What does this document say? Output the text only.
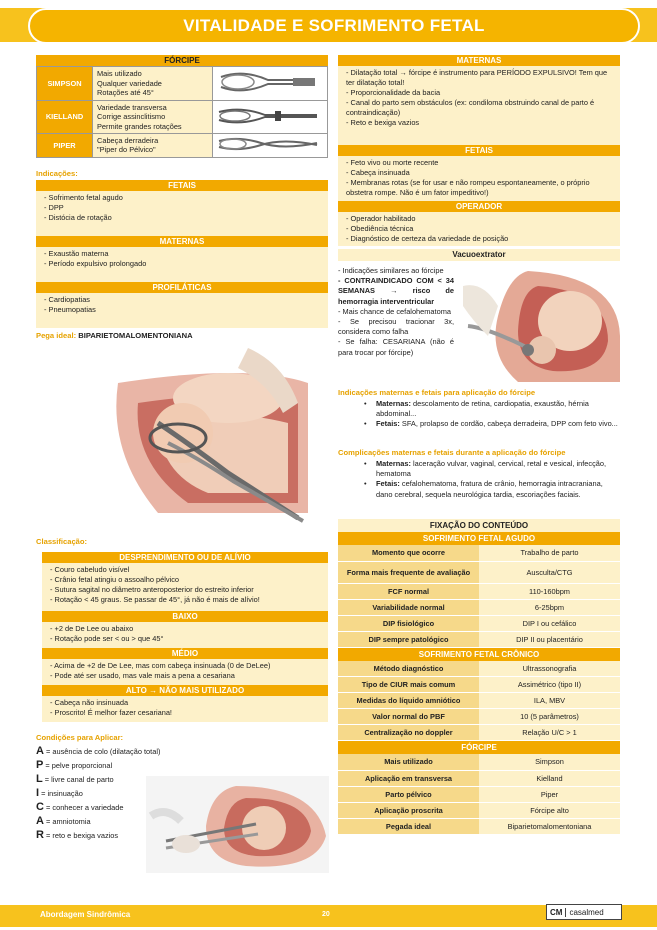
VITALIDADE E SOFRIMENTO FETAL
FÓRCIPE
SIMPSON	Mais utilizado
Qualquer variedade
Rotações até 45°

KIELLAND	Variedade transversa
Corrige assinclitismo
Permite grandes rotações

PIPER	Cabeça derradeira
"Piper do Pélvico"

Indicações:
FETAIS
- Sofrimento fetal agudo
- DPP
- Distócia de rotação
MATERNAS
- Exaustão materna
- Período expulsivo prolongado
PROFILÁTICAS
- Cardiopatias
- Pneumopatias
Pega ideal: BIPARIETOMALOMENTONIANA
Classificação:
DESPRENDIMENTO OU DE ALÍVIO
- Couro cabeludo visível
- Crânio fetal atingiu o assoalho pélvico
- Sutura sagital no diâmetro anteroposterior do estreito inferior
- Rotação < 45 graus. Se passar de 45°, já não é mais de alívio!
BAIXO
- +2 de De Lee ou abaixo
- Rotação pode ser < ou > que 45°
MÉDIO
- Acima de +2 de De Lee, mas com cabeça insinuada (0 de DeLee)
- Pode até ser usado, mas vale mais a pena a cesariana
ALTO → NÃO MAIS UTILIZADO
- Cabeça não insinuada
- Proscrito! É melhor fazer cesariana!
Condições para Aplicar:
A = ausência de colo (dilatação total)
P = pelve proporcional
L = livre canal de parto
I = insinuação
C = conhecer a variedade
A = amniotomia
R = reto e bexiga vazios
MATERNAS
- Dilatação total → fórcipe é instrumento para PERÍODO EXPULSIVO! Tem que ter dilatação total!
- Proporcionalidade da bacia
- Canal do parto sem obstáculos (ex: condiloma obstruindo canal de parto é contraindicação)
- Reto e bexiga vazios
FETAIS
- Feto vivo ou morte recente
- Cabeça insinuada
- Membranas rotas (se for usar e não rompeu espontaneamente, o próprio obstetra rompe. Não é um fator impeditivo!)
OPERADOR
- Operador habilitado
- Obediência técnica
- Diagnóstico de certeza da variedade de posição
Vacuoextrator
- Indicações similares ao fórcipe
- CONTRAINDICADO COM < 34 SEMANAS → risco de hemorragia interventricular
- Mais chance de cefalohematoma
- Se precisou tracionar 3x, considera como falha
- Se falha: CESARIANA (não é para trocar por fórcipe)
Indicações maternas e fetais para aplicação do fórcipe
•	Maternas: descolamento de retina, cardiopatia, exaustão, hérnia abdominal...
•	Fetais: SFA, prolapso de cordão, cabeça derradeira, DPP com feto vivo...
Complicações maternas e fetais durante a aplicação do fórcipe
•	Maternas: laceração vulvar, vaginal, cervical, retal e vesical, infecção, hematoma
•	Fetais: cefalohematoma, fratura de crânio, hemorragia intracraniana, dano cerebral, sequela neurológica tardia, escoriações faciais.
FIXAÇÃO DO CONTEÚDO
SOFRIMENTO FETAL AGUDO
Momento que ocorre	Trabalho de parto
Forma mais frequente de avaliação	Ausculta/CTG
FCF normal	110-160bpm
Variabilidade normal	6-25bpm
DIP fisiológico	DIP I ou cefálico
DIP sempre patológico	DIP II ou placentário
SOFRIMENTO FETAL CRÔNICO
Método diagnóstico	Ultrassonografia
Tipo de CIUR mais comum	Assimétrico (tipo II)
Medidas do líquido amniótico	ILA, MBV
Valor normal do PBF	10 (5 parâmetros)
Centralização no doppler	Relação U/C > 1
FÓRCIPE
Mais utilizado	Simpson
Aplicação em transversa	Kielland
Parto pélvico	Piper
Aplicação proscrita	Fórcipe alto
Pegada ideal	Biparietomalomentoniana
Abordagem Sindrômica	20	CM casalmed
